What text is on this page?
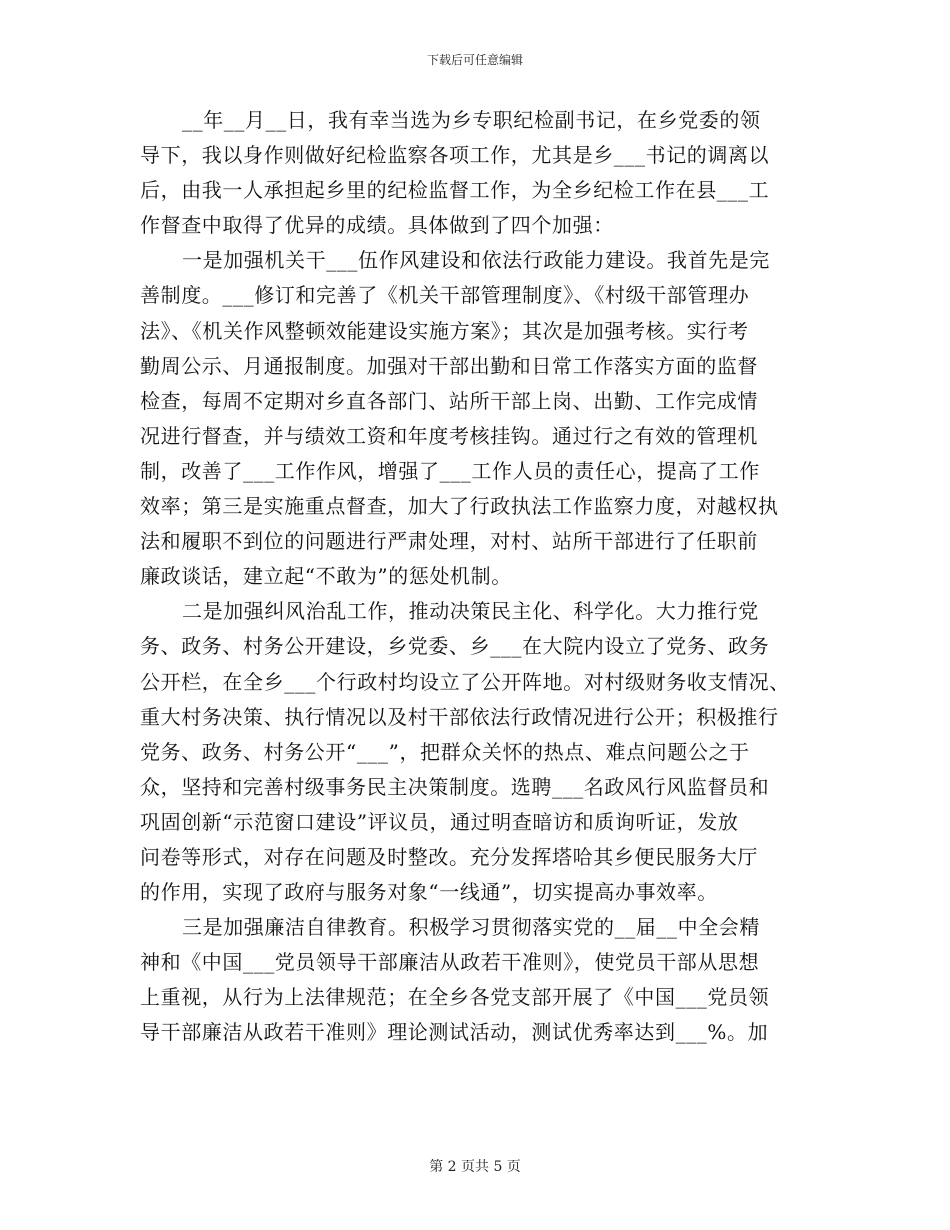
下载后可任意编辑
__年__月__日，我有幸当选为乡专职纪检副书记，在乡党委的领
导下，我以身作则做好纪检监察各项工作，尤其是乡___书记的调离以
后，由我一人承担起乡里的纪检监督工作，为全乡纪检工作在县___工
作督查中取得了优异的成绩。具体做到了四个加强：
一是加强机关干___伍作风建设和依法行政能力建设。我首先是完
善制度。___修订和完善了《机关干部管理制度》、《村级干部管理办
法》、《机关作风整顿效能建设实施方案》；其次是加强考核。实行考
勤周公示、月通报制度。加强对干部出勤和日常工作落实方面的监督
检查，每周不定期对乡直各部门、站所干部上岗、出勤、工作完成情
况进行督查，并与绩效工资和年度考核挂钩。通过行之有效的管理机
制，改善了___工作作风，增强了___工作人员的责任心，提高了工作
效率；第三是实施重点督查，加大了行政执法工作监察力度，对越权执
法和履职不到位的问题进行严肃处理，对村、站所干部进行了任职前
廉政谈话，建立起“不敢为”的惩处机制。
二是加强纠风治乱工作，推动决策民主化、科学化。大力推行党
务、政务、村务公开建设，乡党委、乡___在大院内设立了党务、政务
公开栏，在全乡___个行政村均设立了公开阵地。对村级财务收支情况、
重大村务决策、执行情况以及村干部依法行政情况进行公开；积极推行
党务、政务、村务公开“___”，把群众关怀的热点、难点问题公之于
众，坚持和完善村级事务民主决策制度。选聘___名政风行风监督员和
巩固创新“示范窗口建设”评议员，通过明查暗访和质询听证，发放
问卷等形式，对存在问题及时整改。充分发挥塔哈其乡便民服务大厅
的作用，实现了政府与服务对象“一线通”，切实提高办事效率。
三是加强廉洁自律教育。积极学习贯彻落实党的__届__中全会精
神和《中国___党员领导干部廉洁从政若干准则》，使党员干部从思想
上重视，从行为上法律规范；在全乡各党支部开展了《中国___党员领
导干部廉洁从政若干准则》理论测试活动，测试优秀率达到___%。加
第 2 页共 5 页
